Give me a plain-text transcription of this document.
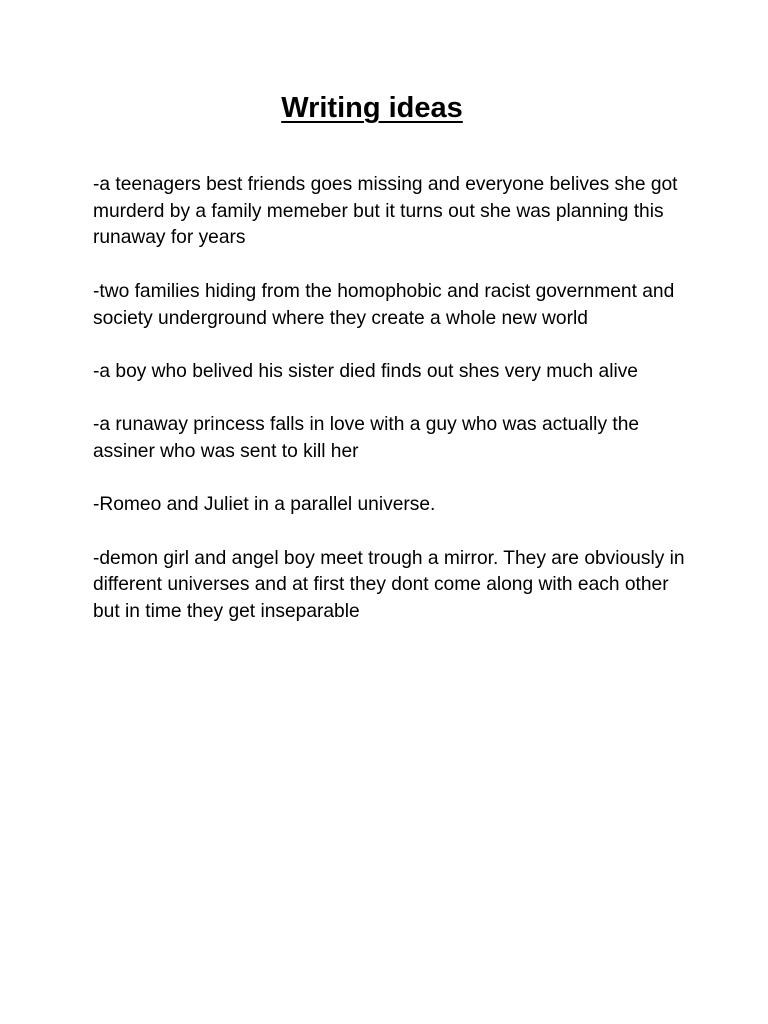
Writing ideas
-a teenagers best friends goes missing and everyone belives she got murderd by a family memeber but it turns out she was planning this runaway for years
-two families hiding from the homophobic and racist government and society underground where they create a whole new world
-a boy who belived his sister died finds out shes very much alive
-a runaway princess falls in love with a guy who was actually the assiner who was sent to kill her
-Romeo and Juliet in a parallel universe.
-demon girl and angel boy meet trough a mirror. They are obviously in different universes and at first they dont come along with each other but in time they get inseparable
